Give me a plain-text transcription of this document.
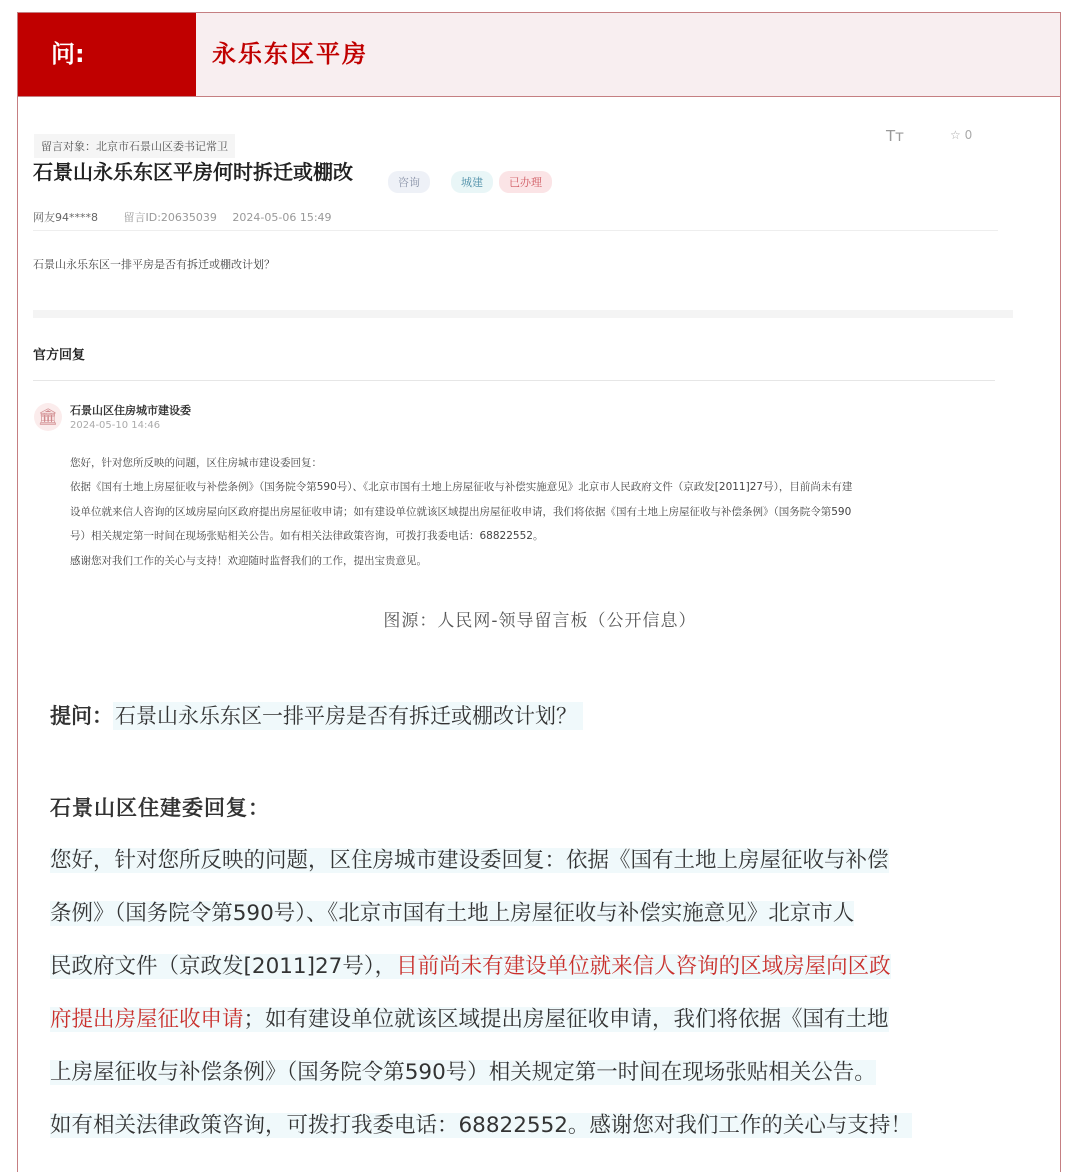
问:	永乐东区平房
留言对象：北京市石景山区委书记常卫
Tт	☆ 0
石景山永乐东区平房何时拆迁或棚改	咨询	城建	已办理
网友94****8 留言ID:20635039 2024-05-06 15:49
石景山永乐东区一排平房是否有拆迁或棚改计划？
官方回复
🏛	石景山区住房城市建设委
2024-05-10 14:46
您好，针对您所反映的问题，区住房城市建设委回复：
依据《国有土地上房屋征收与补偿条例》（国务院令第590号）、《北京市国有土地上房屋征收与补偿实施意见》北京市人民政府文件（京政发[2011]27号），目前尚未有建
设单位就来信人咨询的区域房屋向区政府提出房屋征收申请；如有建设单位就该区域提出房屋征收申请，我们将依据《国有土地上房屋征收与补偿条例》（国务院令第590
号）相关规定第一时间在现场张贴相关公告。如有相关法律政策咨询，可拨打我委电话：68822552。
感谢您对我们工作的关心与支持！欢迎随时监督我们的工作，提出宝贵意见。
图源：人民网-领导留言板（公开信息）
提问：石景山永乐东区一排平房是否有拆迁或棚改计划？
石景山区住建委回复：
您好，针对您所反映的问题，区住房城市建设委回复：依据《国有土地上房屋征收与补偿
条例》（国务院令第590号）、《北京市国有土地上房屋征收与补偿实施意见》北京市人
民政府文件（京政发[2011]27号），目前尚未有建设单位就来信人咨询的区域房屋向区政
府提出房屋征收申请；如有建设单位就该区域提出房屋征收申请，我们将依据《国有土地
上房屋征收与补偿条例》（国务院令第590号）相关规定第一时间在现场张贴相关公告。
如有相关法律政策咨询，可拨打我委电话：68822552。感谢您对我们工作的关心与支持！
